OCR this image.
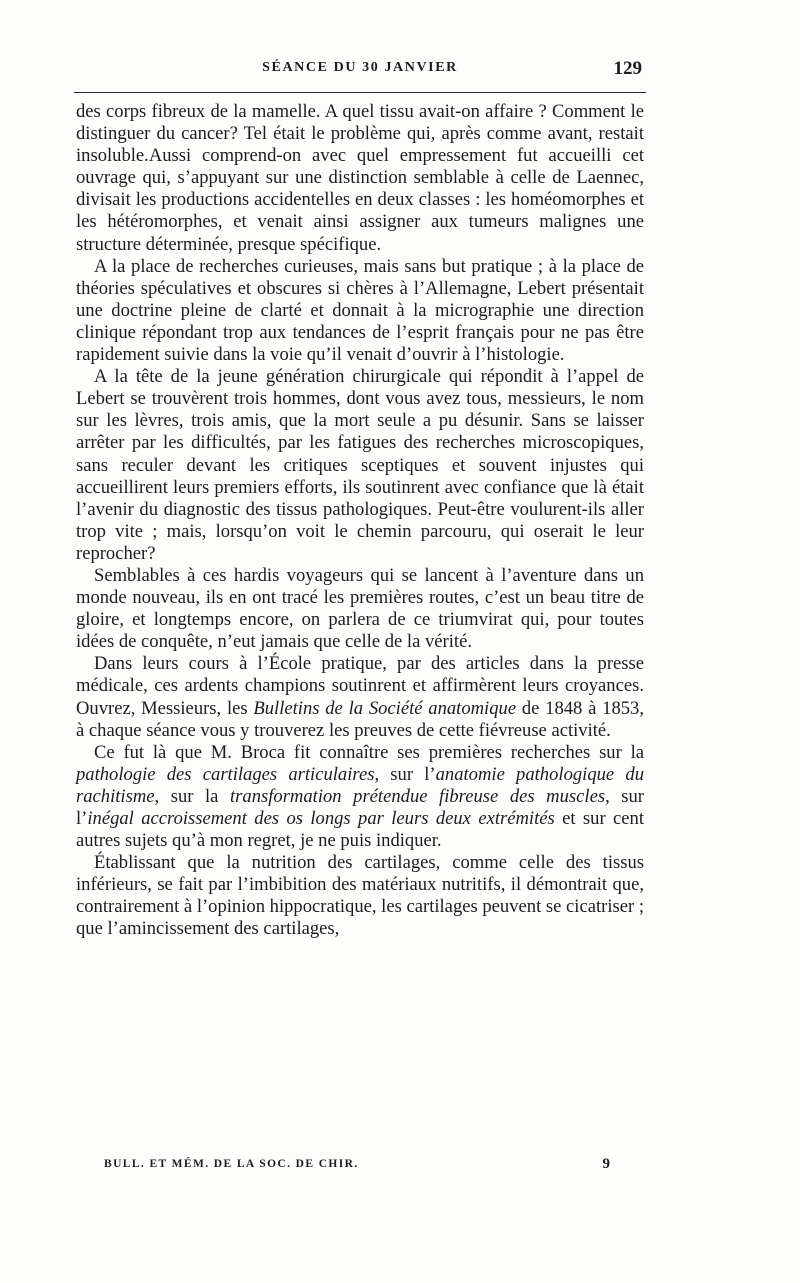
SÉANCE DU 30 JANVIER	129

des corps fibreux de la mamelle. A quel tissu avait-on affaire ? Comment le distinguer du cancer? Tel était le problème qui, après comme avant, restait insoluble.Aussi comprend-on avec quel empressement fut accueilli cet ouvrage qui, s’appuyant sur une distinction semblable à celle de Laennec, divisait les productions accidentelles en deux classes : les homéomorphes et les hétéromorphes, et venait ainsi assigner aux tumeurs malignes une structure déterminée, presque spécifique.

A la place de recherches curieuses, mais sans but pratique ; à la place de théories spéculatives et obscures si chères à l’Allemagne, Lebert présentait une doctrine pleine de clarté et donnait à la micrographie une direction clinique répondant trop aux tendances de l’esprit français pour ne pas être rapidement suivie dans la voie qu’il venait d’ouvrir à l’histologie.

A la tête de la jeune génération chirurgicale qui répondit à l’appel de Lebert se trouvèrent trois hommes, dont vous avez tous, messieurs, le nom sur les lèvres, trois amis, que la mort seule a pu désunir. Sans se laisser arrêter par les difficultés, par les fatigues des recherches microscopiques, sans reculer devant les critiques sceptiques et souvent injustes qui accueillirent leurs premiers efforts, ils soutinrent avec confiance que là était l’avenir du diagnostic des tissus pathologiques. Peut-être voulurent-ils aller trop vite ; mais, lorsqu’on voit le chemin parcouru, qui oserait le leur reprocher?

Semblables à ces hardis voyageurs qui se lancent à l’aventure dans un monde nouveau, ils en ont tracé les premières routes, c’est un beau titre de gloire, et longtemps encore, on parlera de ce triumvirat qui, pour toutes idées de conquête, n’eut jamais que celle de la vérité.

Dans leurs cours à l’École pratique, par des articles dans la presse médicale, ces ardents champions soutinrent et affirmèrent leurs croyances. Ouvrez, Messieurs, les Bulletins de la Société anatomique de 1848 à 1853, à chaque séance vous y trouverez les preuves de cette fiévreuse activité.

Ce fut là que M. Broca fit connaître ses premières recherches sur la pathologie des cartilages articulaires, sur l’anatomie pathologique du rachitisme, sur la transformation prétendue fibreuse des muscles, sur l’inégal accroissement des os longs par leurs deux extrémités et sur cent autres sujets qu’à mon regret, je ne puis indiquer.

Établissant que la nutrition des cartilages, comme celle des tissus inférieurs, se fait par l’imbibition des matériaux nutritifs, il démontrait que, contrairement à l’opinion hippocratique, les cartilages peuvent se cicatriser ; que l’amincissement des cartilages,

BULL. ET MÉM. DE LA SOC. DE CHIR.	9
